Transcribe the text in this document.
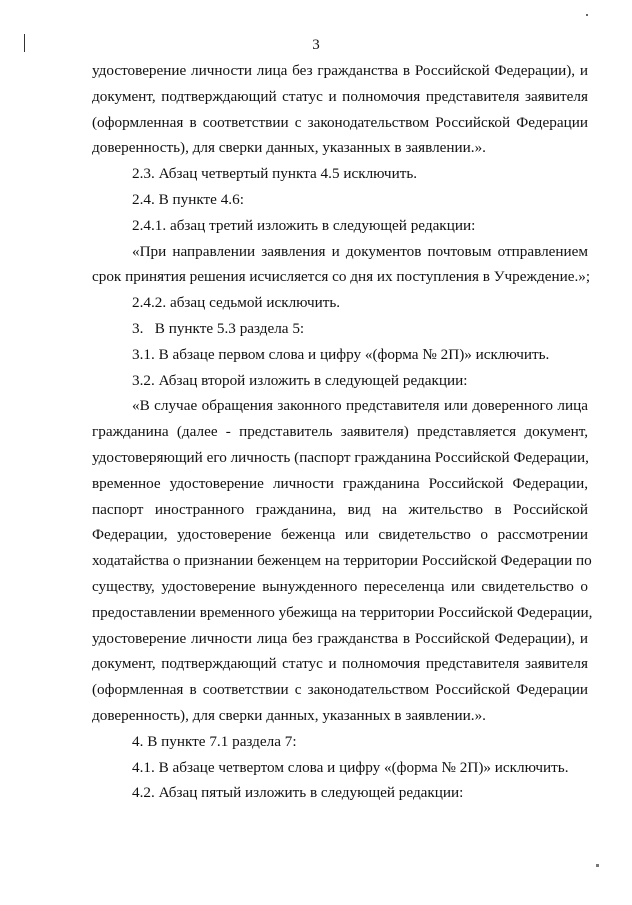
3

удостоверение личности лица без гражданства в Российской Федерации), и
документ, подтверждающий статус и полномочия представителя заявителя
(оформленная в соответствии с законодательством Российской Федерации
доверенность), для сверки данных, указанных в заявлении.».

2.3. Абзац четвертый пункта 4.5 исключить.

2.4. В пункте 4.6:

2.4.1. абзац третий изложить в следующей редакции:

«При направлении заявления и документов почтовым отправлением
срок принятия решения исчисляется со дня их поступления в Учреждение.»;

2.4.2. абзац седьмой исключить.

3.   В пункте 5.3 раздела 5:

3.1. В абзаце первом слова и цифру «(форма № 2П)» исключить.

3.2. Абзац второй изложить в следующей редакции:

«В случае обращения законного представителя или доверенного лица
гражданина (далее - представитель заявителя) представляется документ,
удостоверяющий его личность (паспорт гражданина Российской Федерации,
временное удостоверение личности гражданина Российской Федерации,
паспорт иностранного гражданина, вид на жительство в Российской
Федерации, удостоверение беженца или свидетельство о рассмотрении
ходатайства о признании беженцем на территории Российской Федерации по
существу, удостоверение вынужденного переселенца или свидетельство о
предоставлении временного убежища на территории Российской Федерации,
удостоверение личности лица без гражданства в Российской Федерации), и
документ, подтверждающий статус и полномочия представителя заявителя
(оформленная в соответствии с законодательством Российской Федерации
доверенность), для сверки данных, указанных в заявлении.».

4. В пункте 7.1 раздела 7:

4.1. В абзаце четвертом слова и цифру «(форма № 2П)» исключить.

4.2. Абзац пятый изложить в следующей редакции:
